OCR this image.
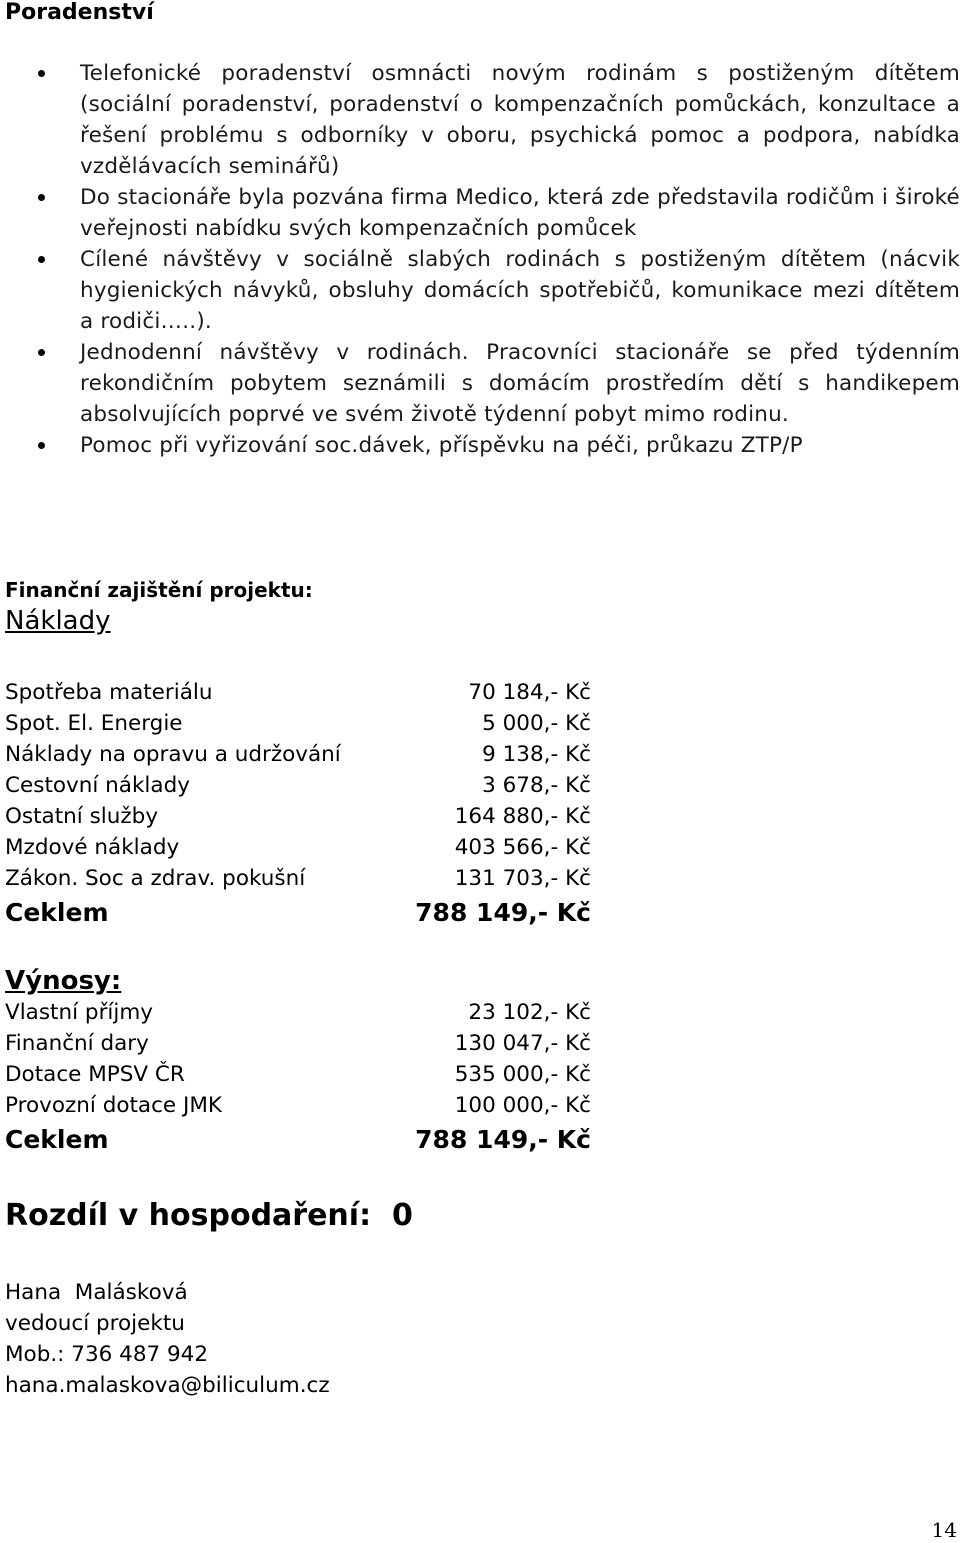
Poradenství
Telefonické poradenství osmnácti novým rodinám s postiženým dítětem (sociální poradenství, poradenství o kompenzačních pomůckách, konzultace a řešení problému s odborníky v oboru, psychická pomoc a podpora, nabídka vzdělávacích seminářů)
Do stacionáře byla pozvána firma Medico, která zde představila rodičům i široké veřejnosti nabídku svých kompenzačních pomůcek
Cílené návštěvy v sociálně slabých rodinách s postiženým dítětem (nácvik hygienických návyků, obsluhy domácích spotřebičů, komunikace mezi dítětem a rodiči…..).
Jednodenní návštěvy v rodinách. Pracovníci stacionáře se před týdenním rekondičním pobytem seznámili s domácím prostředím dětí s handikepem absolvujících poprvé ve svém životě týdenní pobyt mimo rodinu.
Pomoc při vyřizování soc.dávek, příspěvku na péči, průkazu ZTP/P
Finanční zajištění projektu:
Náklady
Spotřeba materiálu	70 184,- Kč
Spot. El. Energie	5 000,- Kč
Náklady na opravu a udržování	9 138,- Kč
Cestovní náklady	3 678,- Kč
Ostatní služby	164 880,- Kč
Mzdové náklady	403 566,- Kč
Zákon. Soc a zdrav. pokušní	131 703,- Kč
Ceklem	788 149,- Kč
Výnosy:
Vlastní příjmy	23 102,- Kč
Finanční dary	130 047,- Kč
Dotace MPSV ČR	535 000,- Kč
Provozní dotace JMK	100 000,- Kč
Ceklem	788 149,- Kč
Rozdíl v hospodaření:  0
Hana  Malásková
vedoucí projektu
Mob.: 736 487 942
hana.malaskova@biliculum.cz
14
